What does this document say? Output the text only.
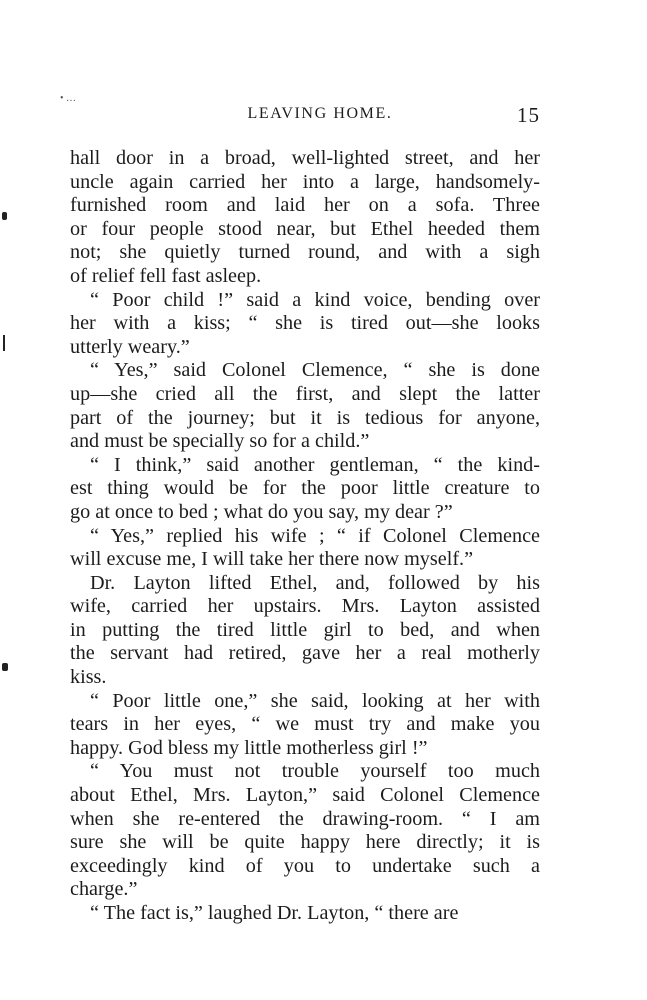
• …
LEAVING HOME.	15
hall door in a broad, well-lighted street, and her
uncle again carried her into a large, handsomely-
furnished room and laid her on a sofa. Three
or four people stood near, but Ethel heeded them
not; she quietly turned round, and with a sigh
of relief fell fast asleep.
“ Poor child !” said a kind voice, bending over
her with a kiss; “ she is tired out—she looks
utterly weary.”
“ Yes,” said Colonel Clemence, “ she is done
up—she cried all the first, and slept the latter
part of the journey; but it is tedious for anyone,
and must be specially so for a child.”
“ I think,” said another gentleman, “ the kind-
est thing would be for the poor little creature to
go at once to bed ; what do you say, my dear ?”
“ Yes,” replied his wife ; “ if Colonel Clemence
will excuse me, I will take her there now myself.”
Dr. Layton lifted Ethel, and, followed by his
wife, carried her upstairs. Mrs. Layton assisted
in putting the tired little girl to bed, and when
the servant had retired, gave her a real motherly
kiss.
“ Poor little one,” she said, looking at her with
tears in her eyes, “ we must try and make you
happy. God bless my little motherless girl !”
“ You must not trouble yourself too much
about Ethel, Mrs. Layton,” said Colonel Clemence
when she re-entered the drawing-room. “ I am
sure she will be quite happy here directly; it is
exceedingly kind of you to undertake such a
charge.”
“ The fact is,” laughed Dr. Layton, “ there are
